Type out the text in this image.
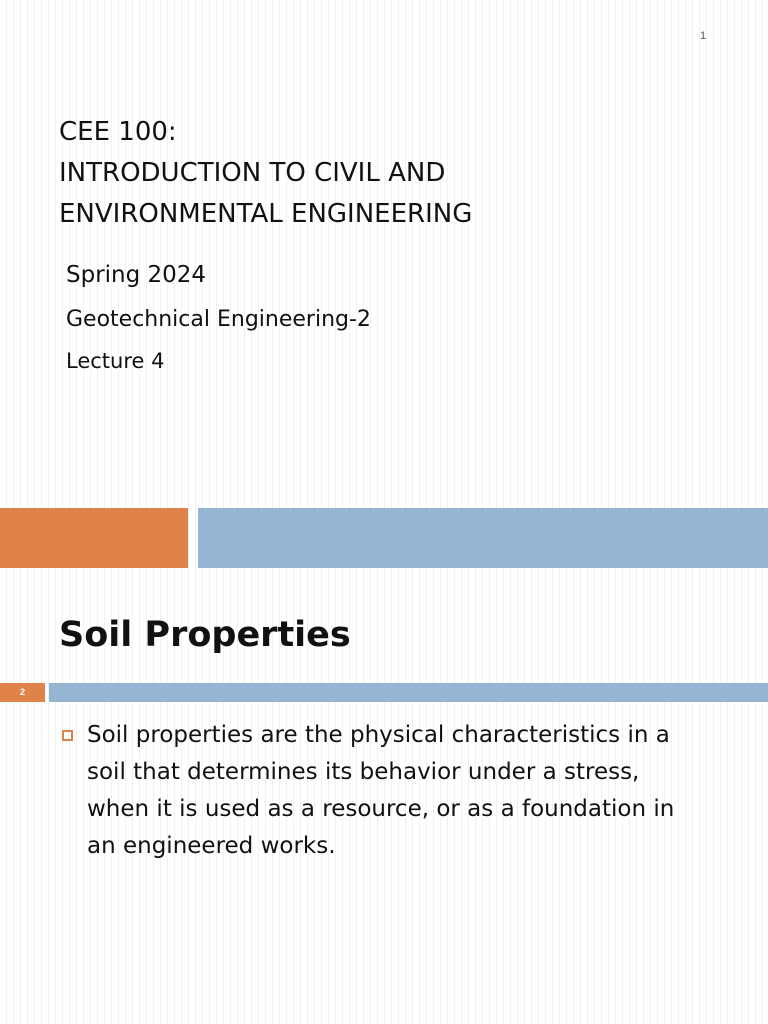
1
CEE 100:
INTRODUCTION TO CIVIL AND
ENVIRONMENTAL ENGINEERING
Spring 2024
Geotechnical Engineering-2
Lecture 4
Soil Properties
2
Soil properties are the physical characteristics in a
soil that determines its behavior under a stress,
when it is used as a resource, or as a foundation in
an engineered works.
